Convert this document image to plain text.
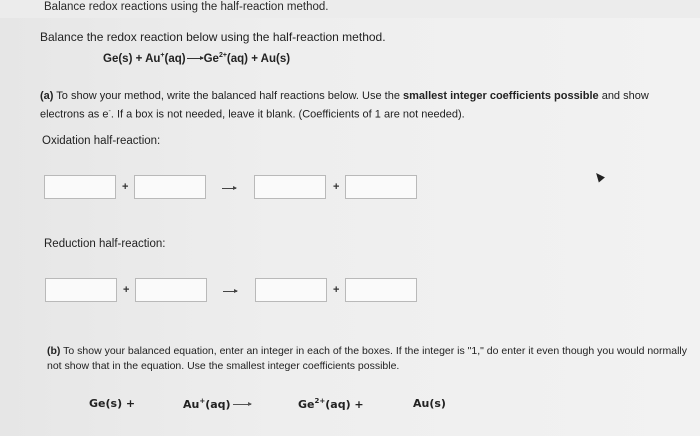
Balance redox reactions using the half-reaction method.
Balance the redox reaction below using the half-reaction method.
$Ge(s) + Au^+(aq)\to Ge^{2+}(aq) + Au(s)$
(a) To show your method, write the balanced half reactions below. Use the smallest integer coefficients possible and show electrons as e-. If a box is not needed, leave it blank. (Coefficients of 1 are not needed).
Oxidation half-reaction:
+	+
Reduction half-reaction:
+	+
(b) To show your balanced equation, enter an integer in each of the boxes. If the integer is "1," do enter it even though you would normally not show that in the equation. Use the smallest integer coefficients possible.
Ge(s) +	Au+(aq) →	$Ge^{2+}(aq)$ +	Au(s)
